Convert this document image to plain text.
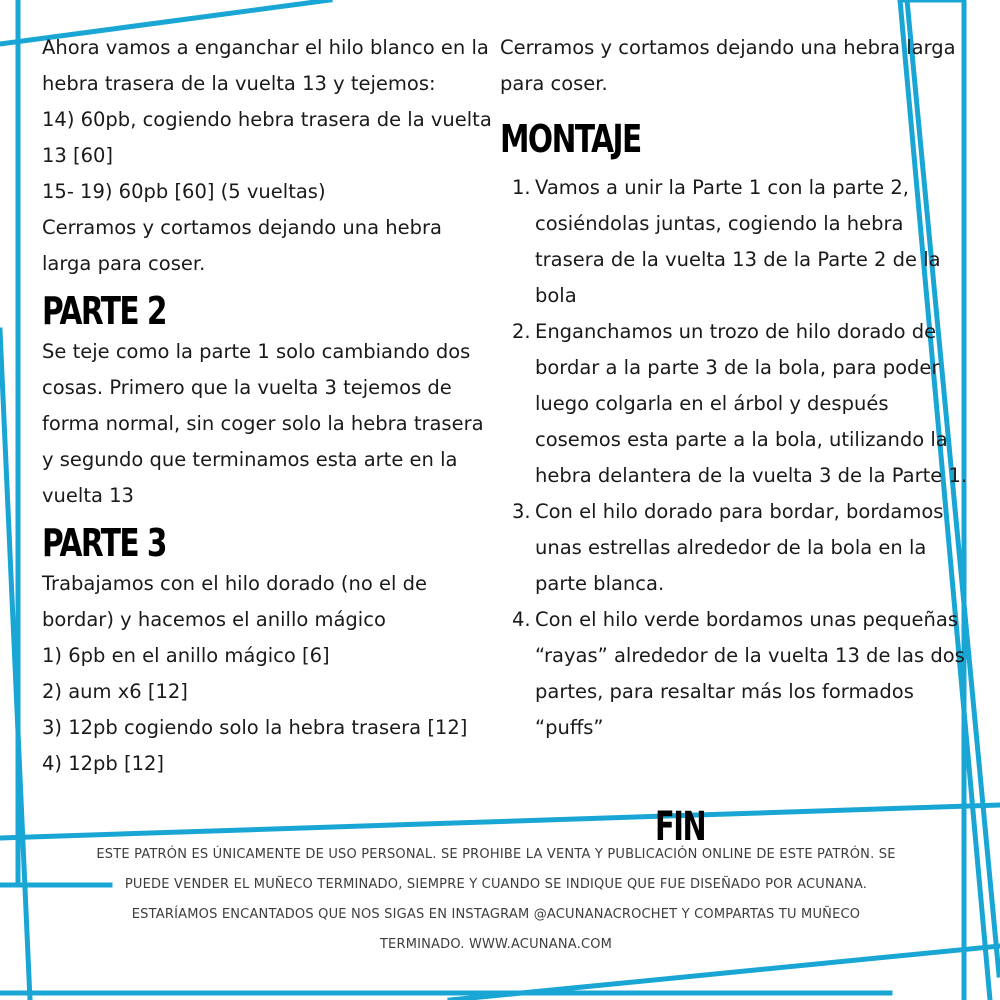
Ahora vamos a enganchar el hilo blanco en la hebra trasera de la vuelta 13 y tejemos:

14) 60pb, cogiendo hebra trasera de la vuelta 13 [60]

15- 19) 60pb [60] (5 vueltas)

Cerramos y cortamos dejando una hebra larga para coser.

PARTE 2

Se teje como la parte 1 solo cambiando dos cosas. Primero que la vuelta 3 tejemos de forma normal, sin coger solo la hebra trasera y segundo que terminamos esta arte en la vuelta 13

PARTE 3

Trabajamos con el hilo dorado (no el de bordar) y hacemos el anillo mágico

1) 6pb en el anillo mágico [6]

2) aum x6 [12]

3) 12pb cogiendo solo la hebra trasera [12]

4) 12pb [12]

Cerramos y cortamos dejando una hebra larga para coser.

MONTAJE
1. Vamos a unir la Parte 1 con la parte 2, cosiéndolas juntas, cogiendo la hebra trasera de la vuelta 13 de la Parte 2 de la bola
2. Enganchamos un trozo de hilo dorado de bordar a la parte 3 de la bola, para poder luego colgarla en el árbol y después cosemos esta parte a la bola, utilizando la hebra delantera de la vuelta 3 de la Parte 1.
3. Con el hilo dorado para bordar, bordamos unas estrellas alrededor de la bola en la parte blanca.
4. Con el hilo verde bordamos unas pequeñas “rayas” alrededor de la vuelta 13 de las dos partes, para resaltar más los formados “puffs”
FIN
ESTE PATRÓN ES ÚNICAMENTE DE USO PERSONAL. SE PROHIBE LA VENTA Y PUBLICACIÓN ONLINE DE ESTE PATRÓN. SE PUEDE VENDER EL MUÑECO TERMINADO, SIEMPRE Y CUANDO SE INDIQUE QUE FUE DISEÑADO POR ACUNANA. ESTARÍAMOS ENCANTADOS QUE NOS SIGAS EN INSTAGRAM @ACUNANACROCHET Y COMPARTAS TU MUÑECO TERMINADO. WWW.ACUNANA.COM
